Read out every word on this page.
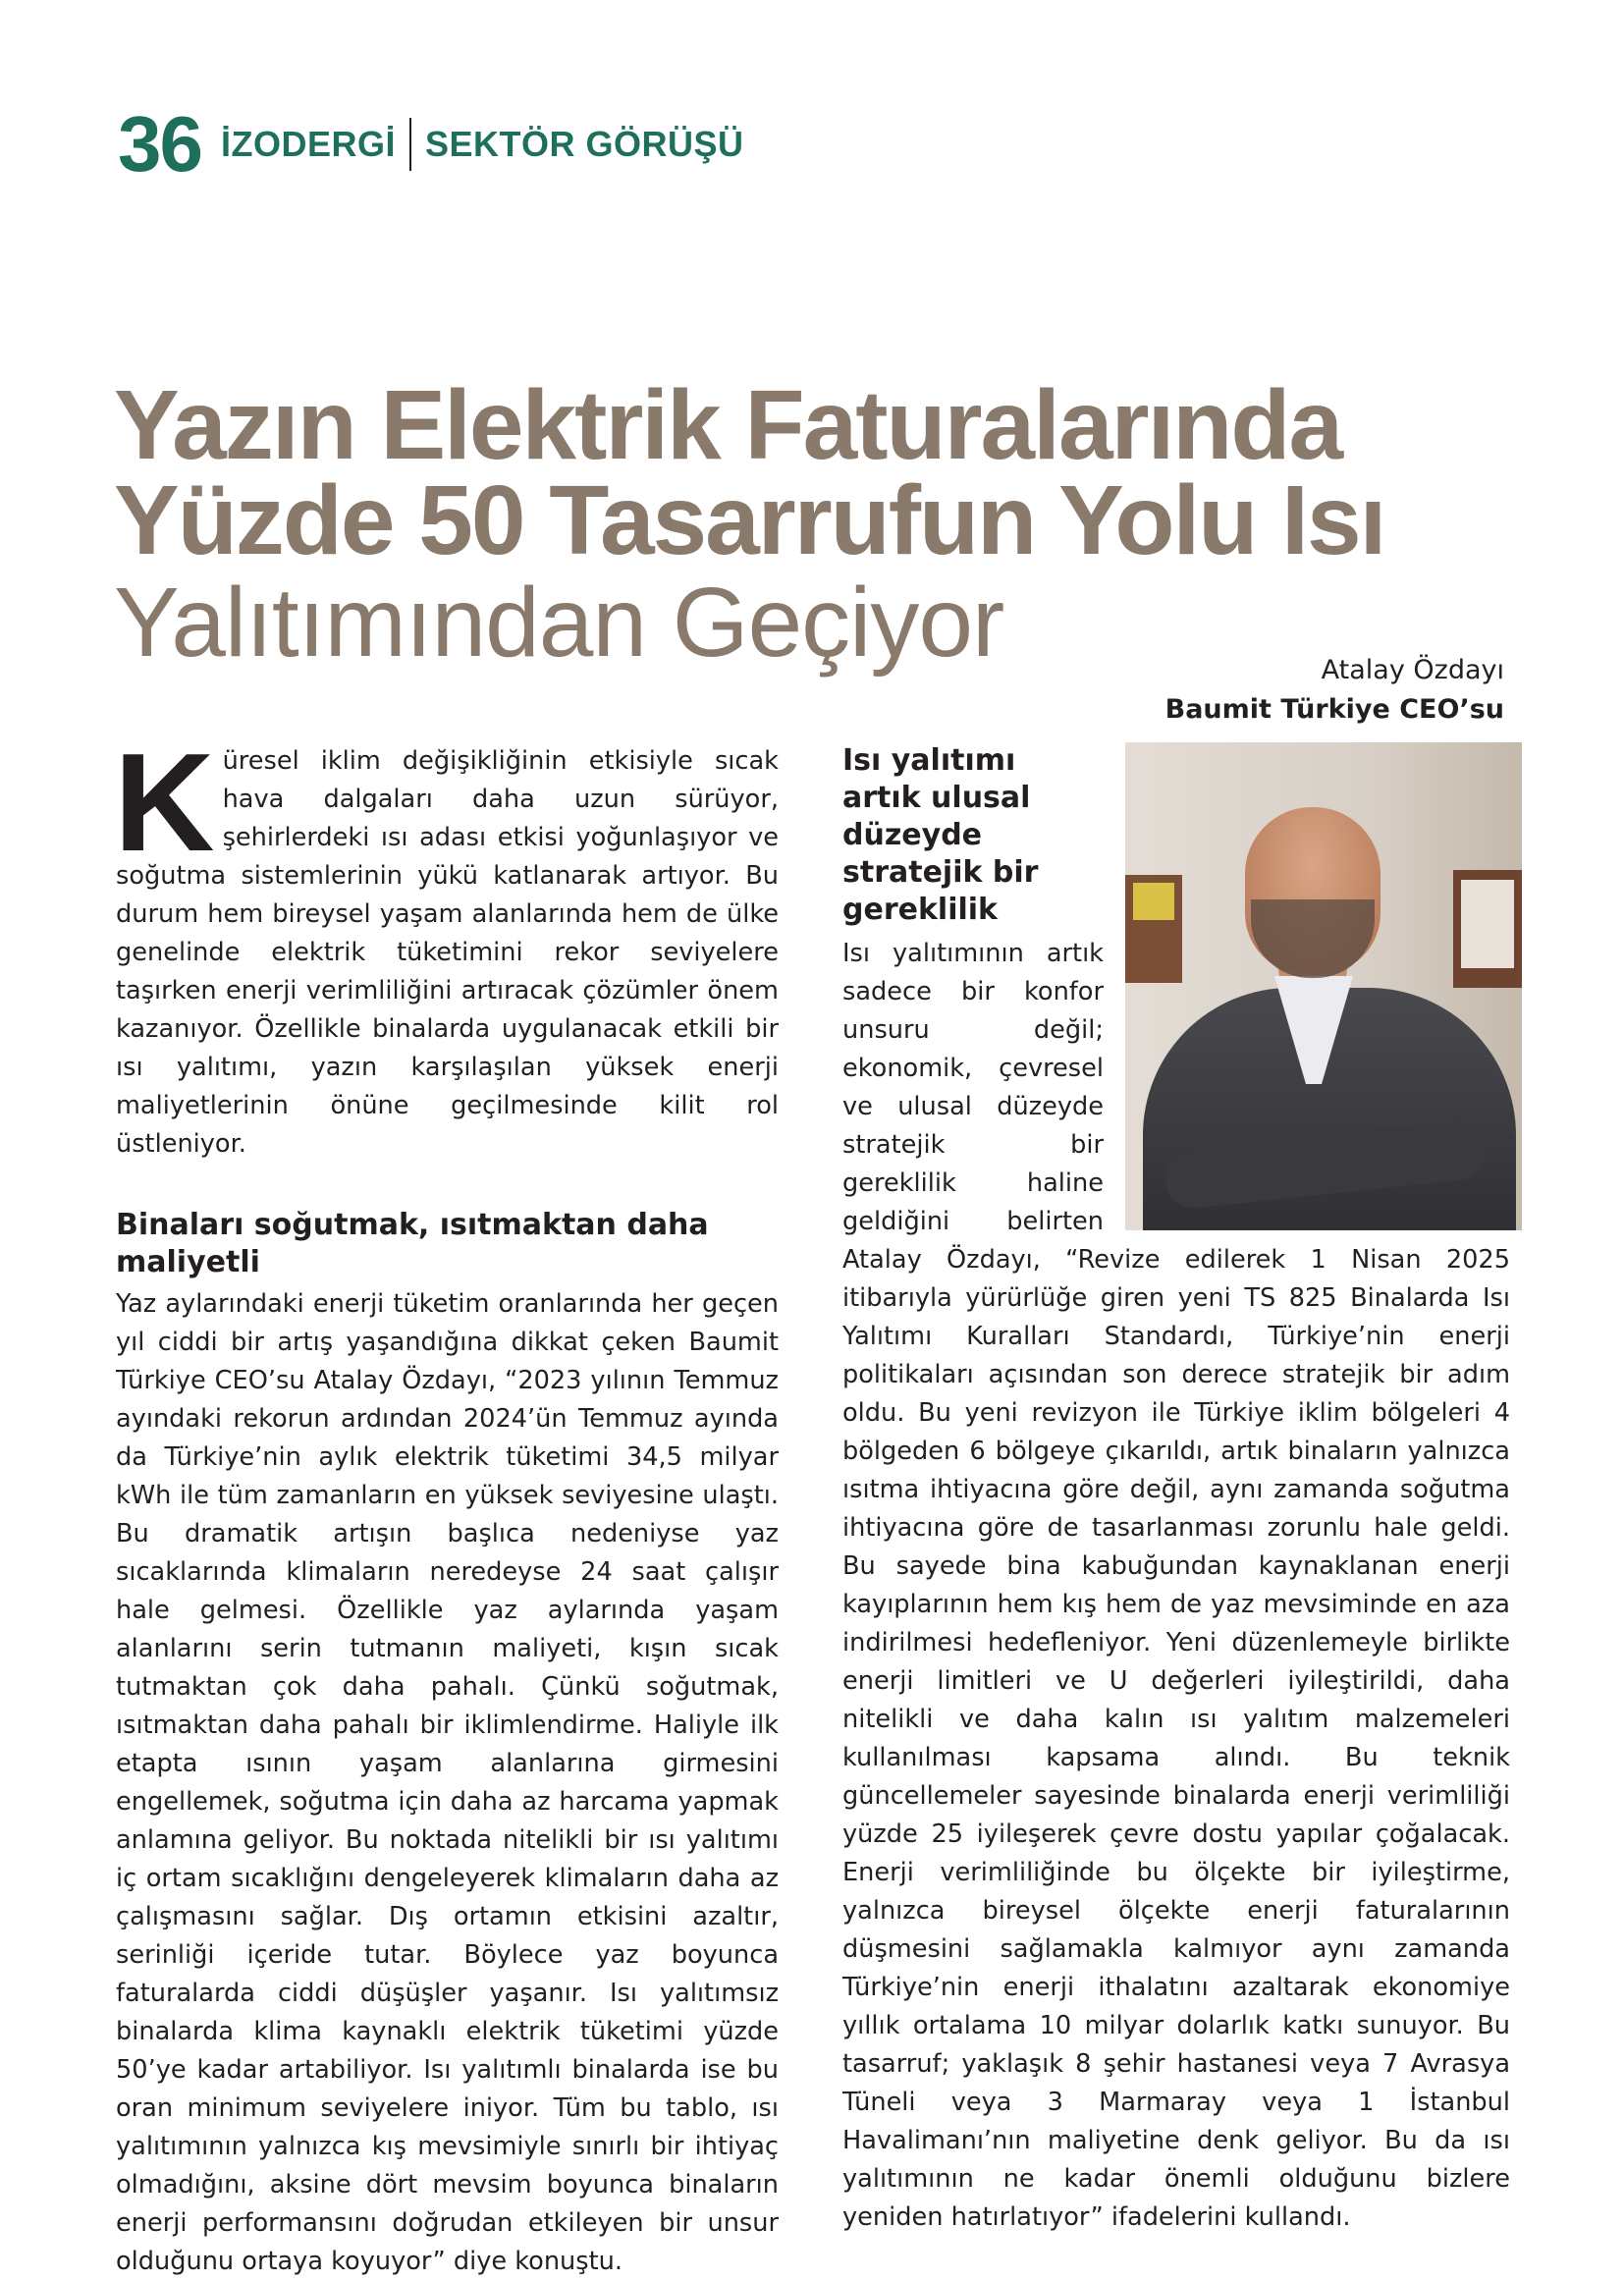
36 İZODERGİ SEKTÖR GÖRÜŞÜ
Yazın Elektrik Faturalarında
Yüzde 50 Tasarrufun Yolu Isı
Yalıtımından Geçiyor	Atalay Özdayı
Baumit Türkiye CEO’su

Küresel iklim değişikliğinin etkisiyle sıcak hava dalgaları daha uzun sürüyor, şehirlerdeki ısı adası etkisi yoğunlaşıyor ve soğutma sistemlerinin yükü katlanarak artıyor. Bu durum hem bireysel yaşam alanlarında hem de ülke genelinde elektrik tüketimini rekor seviyelere taşırken enerji verimliliğini artıracak çözümler önem kazanıyor. Özellikle binalarda uygulanacak etkili bir ısı yalıtımı, yazın karşılaşılan yüksek enerji maliyetlerinin önüne geçilmesinde kilit rol üstleniyor.

Binaları soğutmak, ısıtmaktan daha maliyetli

Yaz aylarındaki enerji tüketim oranlarında her geçen yıl ciddi bir artış yaşandığına dikkat çeken Baumit Türkiye CEO’su Atalay Özdayı, “2023 yılının Temmuz ayındaki rekorun ardından 2024’ün Temmuz ayında da Türkiye’nin aylık elektrik tüketimi 34,5 milyar kWh ile tüm zamanların en yüksek seviyesine ulaştı. Bu dramatik artışın başlıca nedeniyse yaz sıcaklarında klimaların neredeyse 24 saat çalışır hale gelmesi. Özellikle yaz aylarında yaşam alanlarını serin tutmanın maliyeti, kışın sıcak tutmaktan çok daha pahalı. Çünkü soğutmak, ısıtmaktan daha pahalı bir iklimlendirme. Haliyle ilk etapta ısının yaşam alanlarına girmesini engellemek, soğutma için daha az harcama yapmak anlamına geliyor. Bu noktada nitelikli bir ısı yalıtımı iç ortam sıcaklığını dengeleyerek klimaların daha az çalışmasını sağlar. Dış ortamın etkisini azaltır, serinliği içeride tutar. Böylece yaz boyunca faturalarda ciddi düşüşler yaşanır. Isı yalıtımsız binalarda klima kaynaklı elektrik tüketimi yüzde 50’ye kadar artabiliyor. Isı yalıtımlı binalarda ise bu oran minimum seviyelere iniyor. Tüm bu tablo, ısı yalıtımının yalnızca kış mevsimiyle sınırlı bir ihtiyaç olmadığını, aksine dört mevsim boyunca binaların enerji performansını doğrudan etkileyen bir unsur olduğunu ortaya koyuyor” diye konuştu.

Isı yalıtımı artık ulusal düzeyde stratejik bir gereklilik

Isı yalıtımının artık sadece bir konfor unsuru değil; ekonomik, çevresel ve ulusal düzeyde stratejik bir gereklilik haline geldiğini belirten Atalay Özdayı, “Revize edilerek 1 Nisan 2025 itibarıyla yürürlüğe giren yeni TS 825 Binalarda Isı Yalıtımı Kuralları Standardı, Türkiye’nin enerji politikaları açısından son derece stratejik bir adım oldu. Bu yeni revizyon ile Türkiye iklim bölgeleri 4 bölgeden 6 bölgeye çıkarıldı, artık binaların yalnızca ısıtma ihtiyacına göre değil, aynı zamanda soğutma ihtiyacına göre de tasarlanması zorunlu hale geldi. Bu sayede bina kabuğundan kaynaklanan enerji kayıplarının hem kış hem de yaz mevsiminde en aza indirilmesi hedefleniyor. Yeni düzenlemeyle birlikte enerji limitleri ve U değerleri iyileştirildi, daha nitelikli ve daha kalın ısı yalıtım malzemeleri kullanılması kapsama alındı. Bu teknik güncellemeler sayesinde binalarda enerji verimliliği yüzde 25 iyileşerek çevre dostu yapılar çoğalacak. Enerji verimliliğinde bu ölçekte bir iyileştirme, yalnızca bireysel ölçekte enerji faturalarının düşmesini sağlamakla kalmıyor aynı zamanda Türkiye’nin enerji ithalatını azaltarak ekonomiye yıllık ortalama 10 milyar dolarlık katkı sunuyor. Bu tasarruf; yaklaşık 8 şehir hastanesi veya 7 Avrasya Tüneli veya 3 Marmaray veya 1 İstanbul Havalimanı’nın maliyetine denk geliyor. Bu da ısı yalıtımının ne kadar önemli olduğunu bizlere yeniden hatırlatıyor” ifadelerini kullandı.
